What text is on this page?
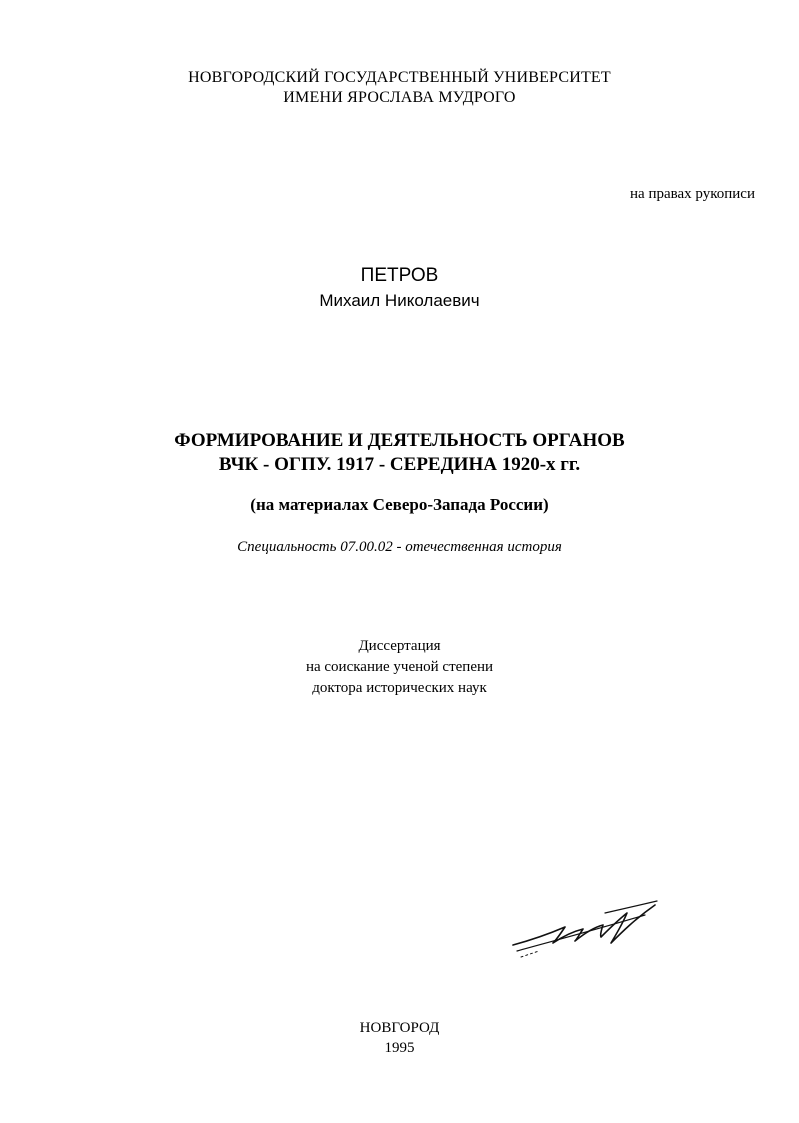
НОВГОРОДСКИЙ ГОСУДАРСТВЕННЫЙ УНИВЕРСИТЕТ
ИМЕНИ ЯРОСЛАВА МУДРОГО
на правах рукописи
ПЕТРОВ
Михаил Николаевич
ФОРМИРОВАНИЕ И ДЕЯТЕЛЬНОСТЬ ОРГАНОВ
ВЧК - ОГПУ. 1917 - СЕРЕДИНА 1920-х гг.
(на материалах Северо-Запада России)
Специальность 07.00.02 - отечественная история
Диссертация
на соискание ученой степени
доктора исторических наук
НОВГОРОД
1995
